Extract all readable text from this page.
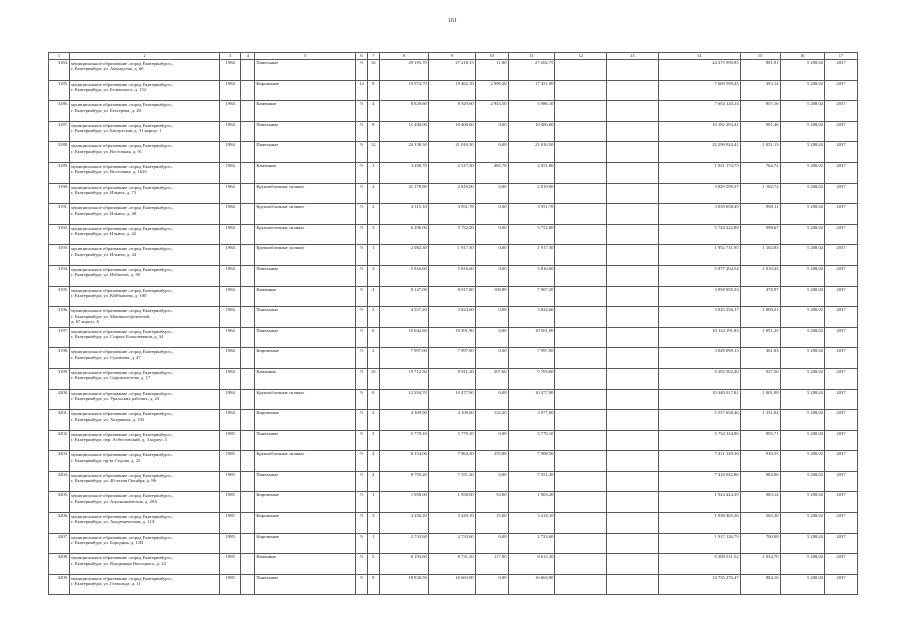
161
1	2	3	4	5	6	7	8	9	10	11	12	13	14	15	16	17
3184.	муниципальное образование «город Екатеринбург»,
г. Екатеринбург, ул. Амундсена, д. 60	1984		Панельные	9	16	29 193,70	27 218,15	11,80	27 202,75			24 275 990,85	891,91	5 208,02	2037
3185.	муниципальное образование «город Екатеринбург»,
г. Екатеринбург, ул. Белинского, д. 152	1984		Кирпичные	14	8	19 974,70	19 462,10	2 090,20	17 451,90			7 669 599,45	393,14	5 208,02	2037
3186.	муниципальное образование «город Екатеринбург»,
г. Екатеринбург, ул. Бехтерева, д. 28	1984		Каменные	9	4	8 829,60	8 929,60	2 943,50	5 986,10			7 654 120,14	857,16	5 208,02	2037
3187.	муниципальное образование «город Екатеринбург»,
г. Екатеринбург, ул. Бисертская, д. 31 корпус 1	1984		Панельные	9	8	11 400,00	10 400,00	0,00	10 400,00			10 182 293,41	981,46	5 208,02	2037
3188.	муниципальное образование «город Екатеринбург»,
г. Екатеринбург, ул. Восточная, д. 91	1984		Панельные	9	12	24 138,50	21 010,50	0,00	21 010,50			22 299 024,41	1 051,13	5 208,02	2037
3189.	муниципальное образование «город Екатеринбург»,
г. Екатеринбург, ул. Восточная, д. 162б	1984		Каменные	9	1	3 290,70	2 517,50	465,70	2 051,80			1 921 174,75	764,72	5 208,02	2037
3190.	муниципальное образование «город Екатеринбург»,
г. Екатеринбург, ул. Ильича, д. 73	1984		Крупноблочные силикат	9	2	41 178,90	2 819,00	0,00	2 819,00			3 829 599,37	1 102,72	5 208,02	2037
3191.	муниципальное образование «город Екатеринбург»,
г. Екатеринбург, ул. Ильича, д. 40	1984		Крупноблочные силикат	9	2	4 315,10	3 951,78	0,00	3 951,78			3 839 658,49	969,11	5 208,02	2037
3192.	муниципальное образование «город Екатеринбург»,
г. Екатеринбург, ул. Ильича, д. 42	1984		Крупноблочные силикат	9	3	6 296,00	5 752,00	0,00	5 752,00			5 744 322,89	998,67	5 208,02	2037
3193.	муниципальное образование «город Екатеринбург»,
г. Екатеринбург, ул. Ильича, д. 44	1984		Крупноблочные силикат	9	1	2 082,30	1 917,30	0,00	1 917,30			1 952 731,95	1 102,83	5 208,02	2037
3194.	муниципальное образование «город Екатеринбург»,
г. Екатеринбург, ул. Избиотов, д. 90	1984		Панельные	9	3	5 816,60	5 816,60	0,00	5 816,60			5 877 294,54	1 010,43	5 208,02	2037
3195.	муниципальное образование «город Екатеринбург»,
г. Екатеринбург, ул. Куйбышева, д. 100	1984		Каменные	9	4	8 147,00	8 017,00	109,80	7 907,20			3 858 950,33	478,97	5 208,02	2037
3196.	муниципальное образование «город Екатеринбург»,
г. Екатеринбург, ул. Машиностроителей,
д. 67 корпус А	1984		Панельные	9	2	4 557,20	3 824,60	0,00	3 824,60			3 825 256,17	1 000,21	5 208,02	2037
3197.	муниципальное образование «город Екатеринбург»,
г. Екатеринбург, ул. Старых Большевиков, д. 34	1984		Панельные	9	6	10 642,60	10 501,90	0,00	10 501,90			10 124 191,83	1 051,25	5 208,02	2037
3198.	муниципальное образование «город Екатеринбург»,
г. Екатеринбург, ул. Сулимова, д. 47	1984		Кирпичные	9	2	7 997,00	7 997,00	0,00	7 997,00			3 849 099,13	361,83	5 208,02	2037
3199.	муниципальное образование «город Екатеринбург»,
г. Екатеринбург, ул. Сыромолотова, д. 17	1984		Каменные	9	10	19 712,50	9 911,20	207,60	9 703,60			9 292 562,20	937,56	5 208,02	2037
3200.	муниципальное образование «город Екатеринбург»,
г. Екатеринбург, ул. Уральских рабочих, д. 23	1984		Крупноблочные силикат	9	8	12 294,70	10 477,90	0,00	10 477,90			10 440 017,81	1 001,80	5 208,02	2037
3201.	муниципальное образование «город Екатеринбург»,
г. Екатеринбург, ул. Хохрякова, д. 103	1984		Кирпичные	9	2	4 309,90	4 109,00	132,20	3 977,00			5 557 658,46	1 351,04	5 208,02	2037
3202.	муниципальное образование «город Екатеринбург»,
г. Екатеринбург, пер. Асбестовский, д. 3 корпус 3	1985		Панельные	9	3	5 779,10	5 779,10	0,00	5 779,10			5 754 334,80	995,71	5 208,02	2037
3203.	муниципальное образование «город Екатеринбург»,
г. Екатеринбург, пр-кт Седова, д. 25	1985		Крупноблочные силикат	9	4	8 154,00	7 964,30	255,80	7 908,50			7 411 149,30	930,55	5 208,02	2037
3204.	муниципальное образование «город Екатеринбург»,
г. Екатеринбург, ул. 40-летия Октября, д. 86	1985		Панельные	9	4	8 793,20	7 551,20	0,00	7 551,20			7 410 042,86	984,06	5 208,02	2037
3205.	муниципальное образование «город Екатеринбург»,
г. Екатеринбург, ул. Агрономическая, д. 29А	1985		Кирпичные	9	1	1 958,00	1 958,00	53,80	1 903,20			1 924 444,39	983,14	5 208,02	2037
3206.	муниципальное образование «город Екатеринбург»,
г. Екатеринбург, ул. Академическая, д. 11А	1985		Кирпичные	9	3	4 256,20	3 429,10	15,00	3 414,10			1 938 465,56	565,30	5 208,02	2037
3207.	муниципальное образование «город Екатеринбург»,
г. Екатеринбург, ул. Бородина, д. 11В	1985		Кирпичные	9	1	2 733,60	2 733,60	0,00	2 733,60			1 917 126,79	700,00	5 208,02	2037
3208.	муниципальное образование «город Екатеринбург»,
г. Екатеринбург, ул. Владимира Высоцкого, д. 22	1985		Каменные	9	5	8 193,60	8 731,20	117,90	8 613,30			9 309 531,52	1 034,79	5 208,02	2037
3209.	муниципальное образование «город Екатеринбург»,
г. Екатеринбург, ул. Готвальда, д. 11	1985		Панельные	9	8	18 830,50	16 663,90	0,00	16 663,90			14 735 276,47	884,16	5 208,02	2037
